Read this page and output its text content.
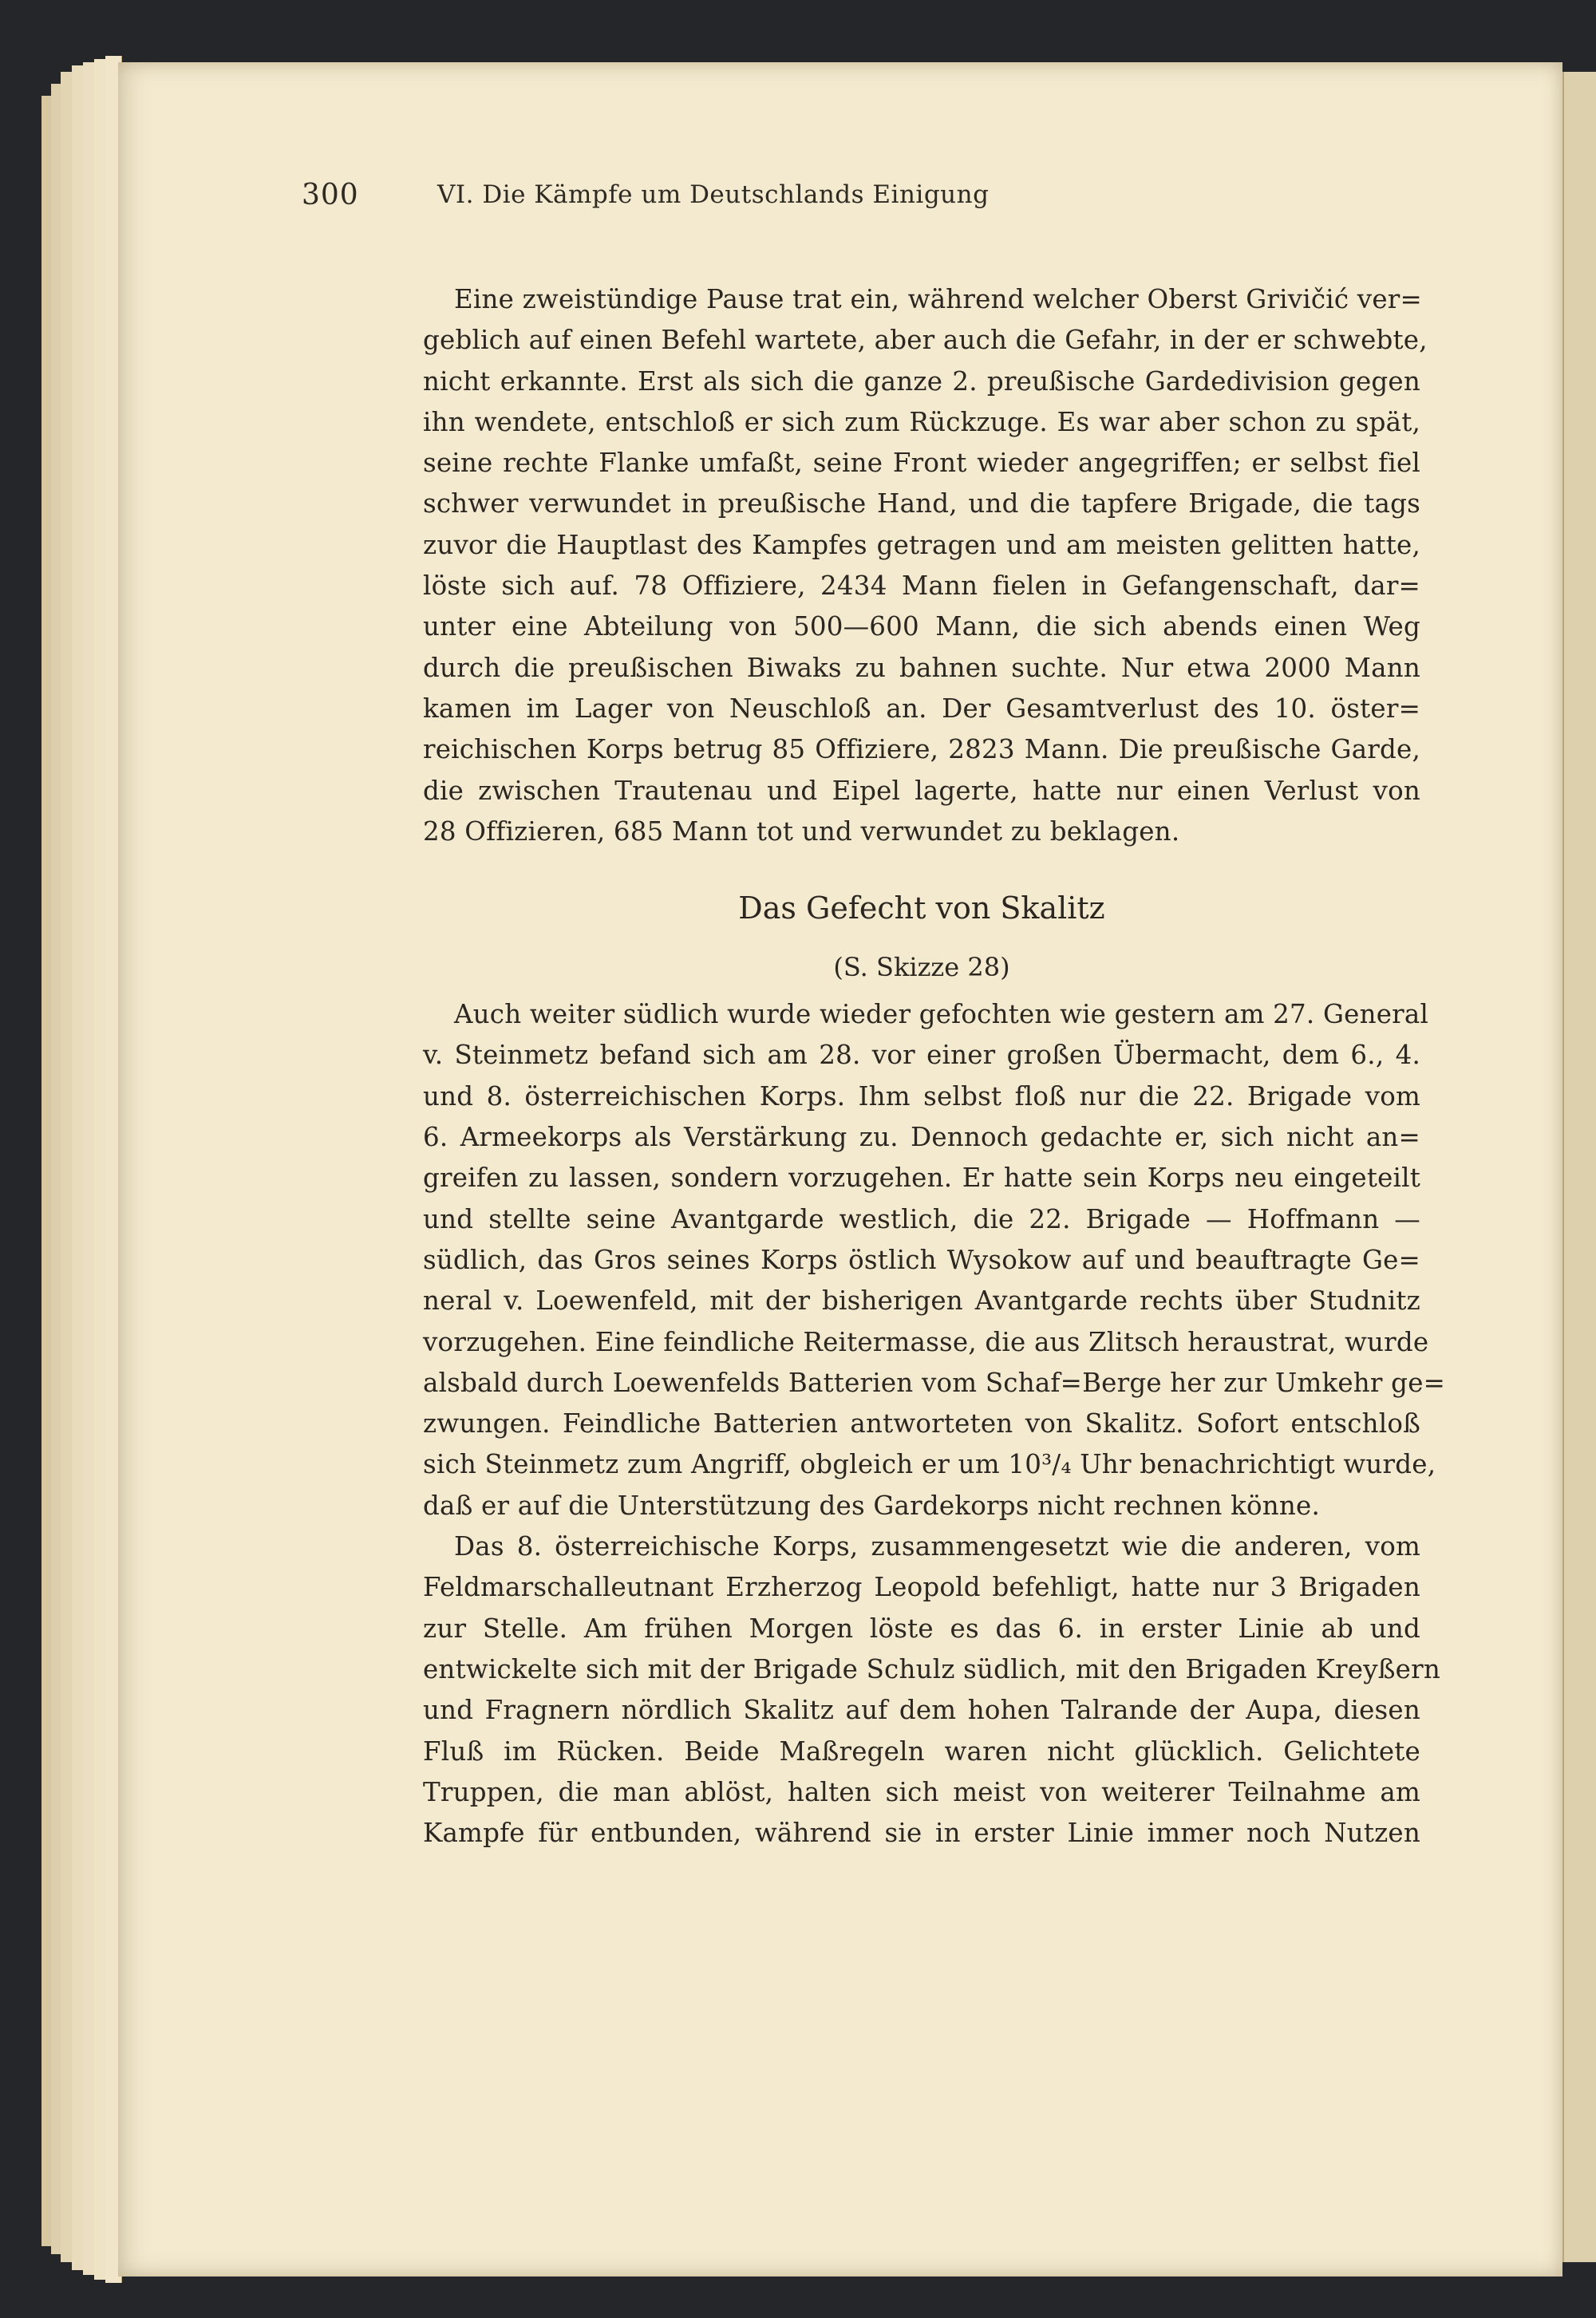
300	VI. Die Kämpfe um Deutschlands Einigung
Eine zweistündige Pause trat ein, während welcher Oberst Grivičić ver=
geblich auf einen Befehl wartete, aber auch die Gefahr, in der er schwebte,
nicht erkannte. Erst als sich die ganze 2. preußische Gardedivision gegen
ihn wendete, entschloß er sich zum Rückzuge. Es war aber schon zu spät,
seine rechte Flanke umfaßt, seine Front wieder angegriffen; er selbst fiel
schwer verwundet in preußische Hand, und die tapfere Brigade, die tags
zuvor die Hauptlast des Kampfes getragen und am meisten gelitten hatte,
löste sich auf. 78 Offiziere, 2434 Mann fielen in Gefangenschaft, dar=
unter eine Abteilung von 500—600 Mann, die sich abends einen Weg
durch die preußischen Biwaks zu bahnen suchte. Nur etwa 2000 Mann
kamen im Lager von Neuschloß an. Der Gesamtverlust des 10. öster=
reichischen Korps betrug 85 Offiziere, 2823 Mann. Die preußische Garde,
die zwischen Trautenau und Eipel lagerte, hatte nur einen Verlust von
28 Offizieren, 685 Mann tot und verwundet zu beklagen.
Das Gefecht von Skalitz
(S. Skizze 28)
Auch weiter südlich wurde wieder gefochten wie gestern am 27. General
v. Steinmetz befand sich am 28. vor einer großen Übermacht, dem 6., 4.
und 8. österreichischen Korps. Ihm selbst floß nur die 22. Brigade vom
6. Armeekorps als Verstärkung zu. Dennoch gedachte er, sich nicht an=
greifen zu lassen, sondern vorzugehen. Er hatte sein Korps neu eingeteilt
und stellte seine Avantgarde westlich, die 22. Brigade — Hoffmann —
südlich, das Gros seines Korps östlich Wysokow auf und beauftragte Ge=
neral v. Loewenfeld, mit der bisherigen Avantgarde rechts über Studnitz
vorzugehen. Eine feindliche Reitermasse, die aus Zlitsch heraustrat, wurde
alsbald durch Loewenfelds Batterien vom Schaf=Berge her zur Umkehr ge=
zwungen. Feindliche Batterien antworteten von Skalitz. Sofort entschloß
sich Steinmetz zum Angriff, obgleich er um 10³/₄ Uhr benachrichtigt wurde,
daß er auf die Unterstützung des Gardekorps nicht rechnen könne.
Das 8. österreichische Korps, zusammengesetzt wie die anderen, vom
Feldmarschalleutnant Erzherzog Leopold befehligt, hatte nur 3 Brigaden
zur Stelle. Am frühen Morgen löste es das 6. in erster Linie ab und
entwickelte sich mit der Brigade Schulz südlich, mit den Brigaden Kreyßern
und Fragnern nördlich Skalitz auf dem hohen Talrande der Aupa, diesen
Fluß im Rücken. Beide Maßregeln waren nicht glücklich. Gelichtete
Truppen, die man ablöst, halten sich meist von weiterer Teilnahme am
Kampfe für entbunden, während sie in erster Linie immer noch Nutzen
